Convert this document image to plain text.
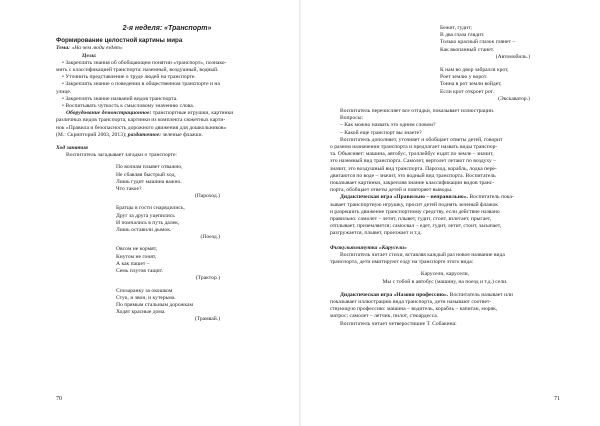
2-я неделя: «Транспорт»
Формирование целостной картины мира

Тема: «На чем люди ездят»

Цели:

• Закреплять знания об обобщающем понятии «транспорт», познако-

мить с классификацией транспорта: наземный, воздушный, водный.

• Уточнить представление о труде людей на транспорте.

• Закреплять знание о поведении в общественном транспорте и на

улице.

• Закреплять знание названий видов транспорта.

• Воспитывать чуткость к смысловому значению слова.

Оборудование демонстрационное: транспортные игрушки, картинки

различных видов транспорта, картинки из комплекта сюжетных карти-

нок «Правила и безопасность дорожного движения для дошкольников»

(М.: Скрипторий 2003, 2013); раздаточное: зеленые флажки.

Ход занятия

Воспитатель загадывает загадки о транспорте:

По волнам плывет отважно,
Не сбавляя быстрый ход,
Лишь гудит машина важно.
Что такое?
(Пароход.)
Братцы в гости снарядились,
Друг за друга уцепились
И помчались в путь далек,
Лишь оставили дымок.
(Поезд.)
Овсом не кормят,
Кнутом не гонят,
А как пашет –
Семь плугов тащит.
(Трактор.)
Спозаранку за окошком
Стук, и звон, и кутерьма.
По прямым стальным дорожкам
Ходят красные дома.
(Трамвай.)
70
Бежит, гудит;
В два глаза глядит.
Только красный глазок глянет –
Как вкопанный станет.
(Автомобиль.)
К нам во двор забрался крот,
Роет землю у ворот.
Тонна в рот земли войдет,
Если крот откроет рот.
(Экскаватор.)

Воспитатель перечисляет все отгадки, показывает иллюстрации.

Вопросы:

– Как можно назвать это одним словом?

– Какой еще транспорт вы знаете?

Воспитатель дополняет, уточняет и обобщает ответы детей, говорит

о разном назначении транспорта и предлагает назвать виды транспор-

та. Объясняет: машина, автобус, троллейбус ездят по земле – значит,

это наземный вид транспорта. Самолет, вертолет летают по воздуху –

значит, это воздушный вид транспорта. Пароход, корабль, лодка пере-

двигаются по воде – значит, это водный вид транспорта. Воспитатель

показывает картинки, закрепляя знание классификации видов транс-

порта, обобщает ответы детей и повторяет выводы.

Дидактическая игра «Правильно – неправильно». Воспитатель пока-

зывает транспортную игрушку, просит детей поднять зеленый флажок

и разрешить движение транспортному средству, если действие названо

правильно: самолет – летит, плывет, гудит, стоит, взлетает, прыгает,

отплывает, приземляется; самосвал – едет, гудит, летит, стоит, засыпает,

разгружается, плывет, проезжает и т.д.

Физкультминутка «Карусели»

Воспитатель читает стихи, вставляя каждый раз новое название вида

транспорта, дети имитируют езду на транспорте этого вида:

Карусели, карусели,

Мы с тобой в автобус (машину, на поезд и т.д.) сели.

Дидактическая игра «Назови профессию». Воспитатель называет или

показывает иллюстрацию вида транспорта, дети называют соответ-

ствующую профессию: машина – водитель, корабль – капитан, моряк,

матрос; самолет – летчик, пилот, стюардесса.

Воспитатель читает четверостишие Т. Собакина:

71
